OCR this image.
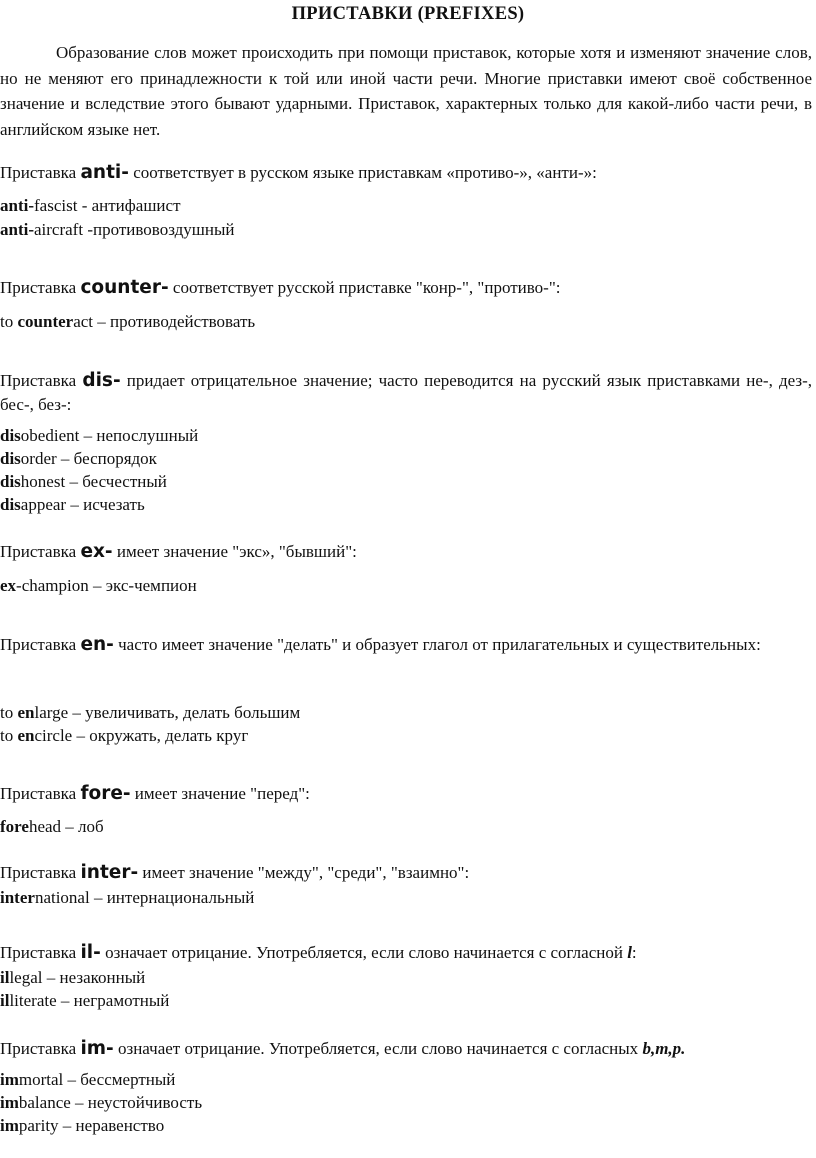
ПРИСТАВКИ (PREFIXES)
Образование слов может происходить при помощи приставок, которые хотя и изменяют значение слов, но не меняют его принадлежности к той или иной части речи. Многие приставки имеют своё собственное значение и вследствие этого бывают ударными. Приставок, характерных только для какой-либо части речи, в английском языке нет.
Приставка anti- соответствует в русском языке приставкам «противо-», «анти-»:
anti-fascist - антифашист
anti-aircraft -противовоздушный
Приставка counter- соответствует русской приставке "конр-", "противо-":
to counteract – противодействовать
Приставка dis- придает отрицательное значение; часто переводится на русский язык приставками не-, дез-, бес-, без-:
disobedient – непослушный
disorder – беспорядок
dishonest – бесчестный
disappear – исчезать
Приставка ex- имеет значение "экс», "бывший":
ex-champion – экс-чемпион
Приставка en- часто имеет значение "делать" и образует глагол от прилагательных и существительных:
to enlarge – увеличивать, делать большим
to encircle – окружать, делать круг
Приставка fore- имеет значение "перед":
forehead – лоб
Приставка inter- имеет значение "между", "среди", "взаимно":
international – интернациональный
Приставка il- означает отрицание. Употребляется, если слово начинается с согласной l:
illegal – незаконный
illiterate – неграмотный
Приставка im- означает отрицание. Употребляется, если слово начинается с согласных b,m,p.
immortal – бессмертный
imbalance – неустойчивость
imparity – неравенство
